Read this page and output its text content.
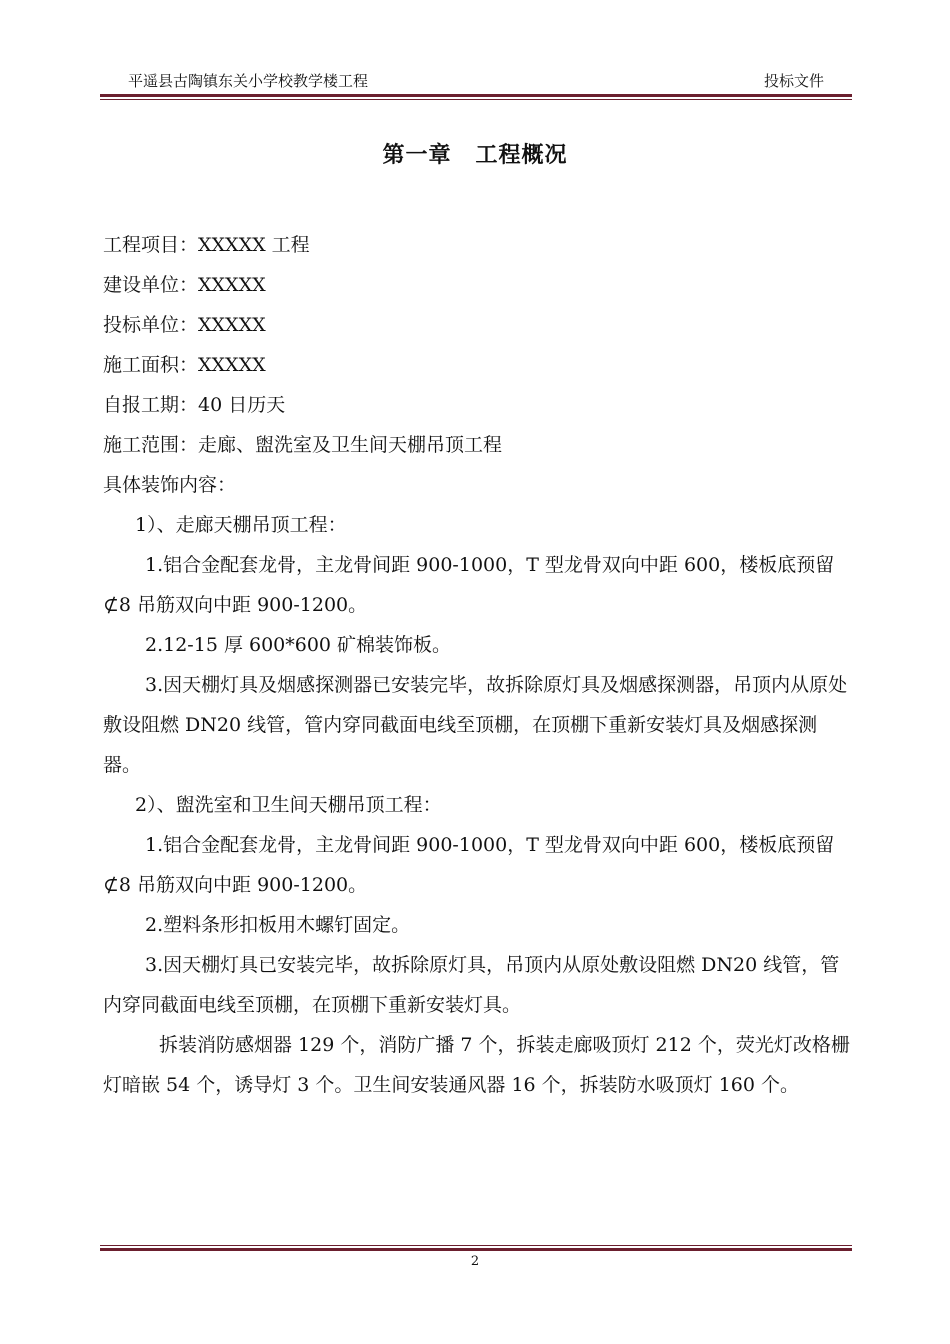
平遥县古陶镇东关小学校教学楼工程	投标文件
第一章 工程概况

工程项目：XXXXX 工程

建设单位：XXXXX

投标单位：XXXXX

施工面积：XXXXX

自报工期：40 日历天

施工范围：走廊、盥洗室及卫生间天棚吊顶工程

具体装饰内容：

1）、走廊天棚吊顶工程：

1.铝合金配套龙骨，主龙骨间距 900-1000，T 型龙骨双向中距 600，楼板底预留⊄8 吊筋双向中距 900-1200。

2.12-15 厚 600*600 矿棉装饰板。

3.因天棚灯具及烟感探测器已安装完毕，故拆除原灯具及烟感探测器，吊顶内从原处敷设阻燃 DN20 线管，管内穿同截面电线至顶棚，在顶棚下重新安装灯具及烟感探测器。

2）、盥洗室和卫生间天棚吊顶工程：

1.铝合金配套龙骨，主龙骨间距 900-1000，T 型龙骨双向中距 600，楼板底预留⊄8 吊筋双向中距 900-1200。

2.塑料条形扣板用木螺钉固定。

3.因天棚灯具已安装完毕，故拆除原灯具，吊顶内从原处敷设阻燃 DN20 线管，管内穿同截面电线至顶棚，在顶棚下重新安装灯具。

拆装消防感烟器 129 个，消防广播 7 个，拆装走廊吸顶灯 212 个，荧光灯改格栅灯暗嵌 54 个，诱导灯 3 个。卫生间安装通风器 16 个，拆装防水吸顶灯 160 个。

2
